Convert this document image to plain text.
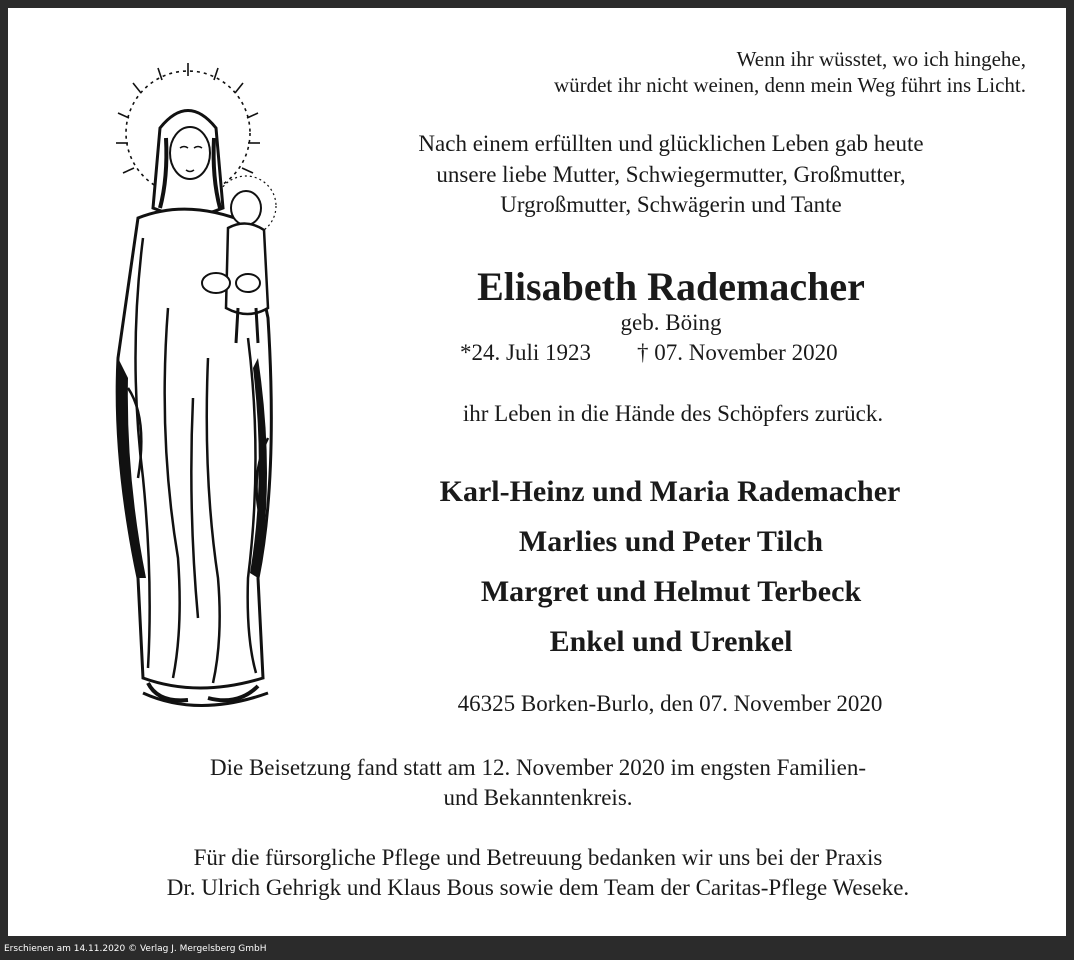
Wenn ihr wüsstet, wo ich hingehe,
würdet ihr nicht weinen, denn mein Weg führt ins Licht.
Nach einem erfüllten und glücklichen Leben gab heute
unsere liebe Mutter, Schwiegermutter, Großmutter,
Urgroßmutter, Schwägerin und Tante
Elisabeth Rademacher
geb. Böing
*24. Juli 1923 † 07. November 2020
ihr Leben in die Hände des Schöpfers zurück.
Karl-Heinz und Maria Rademacher
Marlies und Peter Tilch
Margret und Helmut Terbeck
Enkel und Urenkel
46325 Borken-Burlo, den 07. November 2020
Die Beisetzung fand statt am 12. November 2020 im engsten Familien-
und Bekanntenkreis.
Für die fürsorgliche Pflege und Betreuung bedanken wir uns bei der Praxis
Dr. Ulrich Gehrigk und Klaus Bous sowie dem Team der Caritas-Pflege Weseke.
Erschienen am 14.11.2020 © Verlag J. Mergelsberg GmbH
